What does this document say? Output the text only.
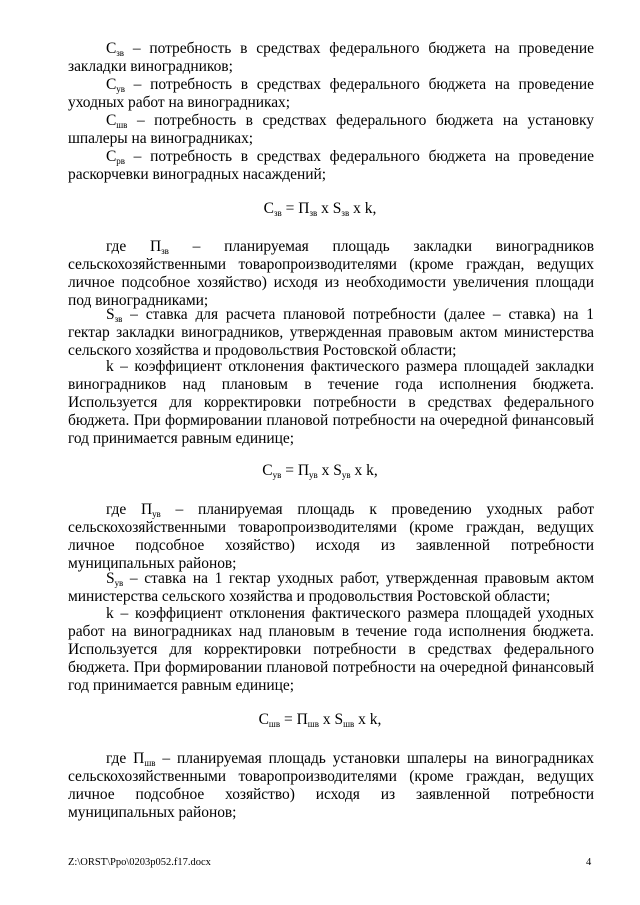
$С_{зв}$ – потребность в средствах федерального бюджета на проведение закладки виноградников;

$С_{ув}$ – потребность в средствах федерального бюджета на проведение уходных работ на виноградниках;

$С_{шв}$ – потребность в средствах федерального бюджета на установку шпалеры на виноградниках;

$С_{рв}$ – потребность в средствах федерального бюджета на проведение раскорчевки виноградных насаждений;

$С_{зв} = П_{зв}$ х $S_{зв}$ х k,

где $П_{зв}$ – планируемая площадь закладки виноградников сельскохозяйственными товаропроизводителями (кроме граждан, ведущих личное подсобное хозяйство) исходя из необходимости увеличения площади под виноградниками;

$S_{зв}$ – ставка для расчета плановой потребности (далее – ставка) на 1 гектар закладки виноградников, утвержденная правовым актом министерства сельского хозяйства и продовольствия Ростовской области;

k – коэффициент отклонения фактического размера площадей закладки виноградников над плановым в течение года исполнения бюджета. Используется для корректировки потребности в средствах федерального бюджета. При формировании плановой потребности на очередной финансовый год принимается равным единице;

$С_{ув} = П_{ув}$ х $S_{ув}$ х k,

где $П_{ув}$ – планируемая площадь к проведению уходных работ сельскохозяйственными товаропроизводителями (кроме граждан, ведущих личное подсобное хозяйство) исходя из заявленной потребности муниципальных районов;

$S_{ув}$ – ставка на 1 гектар уходных работ, утвержденная правовым актом министерства сельского хозяйства и продовольствия Ростовской области;

k – коэффициент отклонения фактического размера площадей уходных работ на виноградниках над плановым в течение года исполнения бюджета. Используется для корректировки потребности в средствах федерального бюджета. При формировании плановой потребности на очередной финансовый год принимается равным единице;

$С_{шв} = П_{шв}$ х $S_{шв}$ х k,

где $П_{шв}$ – планируемая площадь установки шпалеры на виноградниках сельскохозяйственными товаропроизводителями (кроме граждан, ведущих личное подсобное хозяйство) исходя из заявленной потребности муниципальных районов;

Z:\ORST\Ppo\0203p052.f17.docx	4
